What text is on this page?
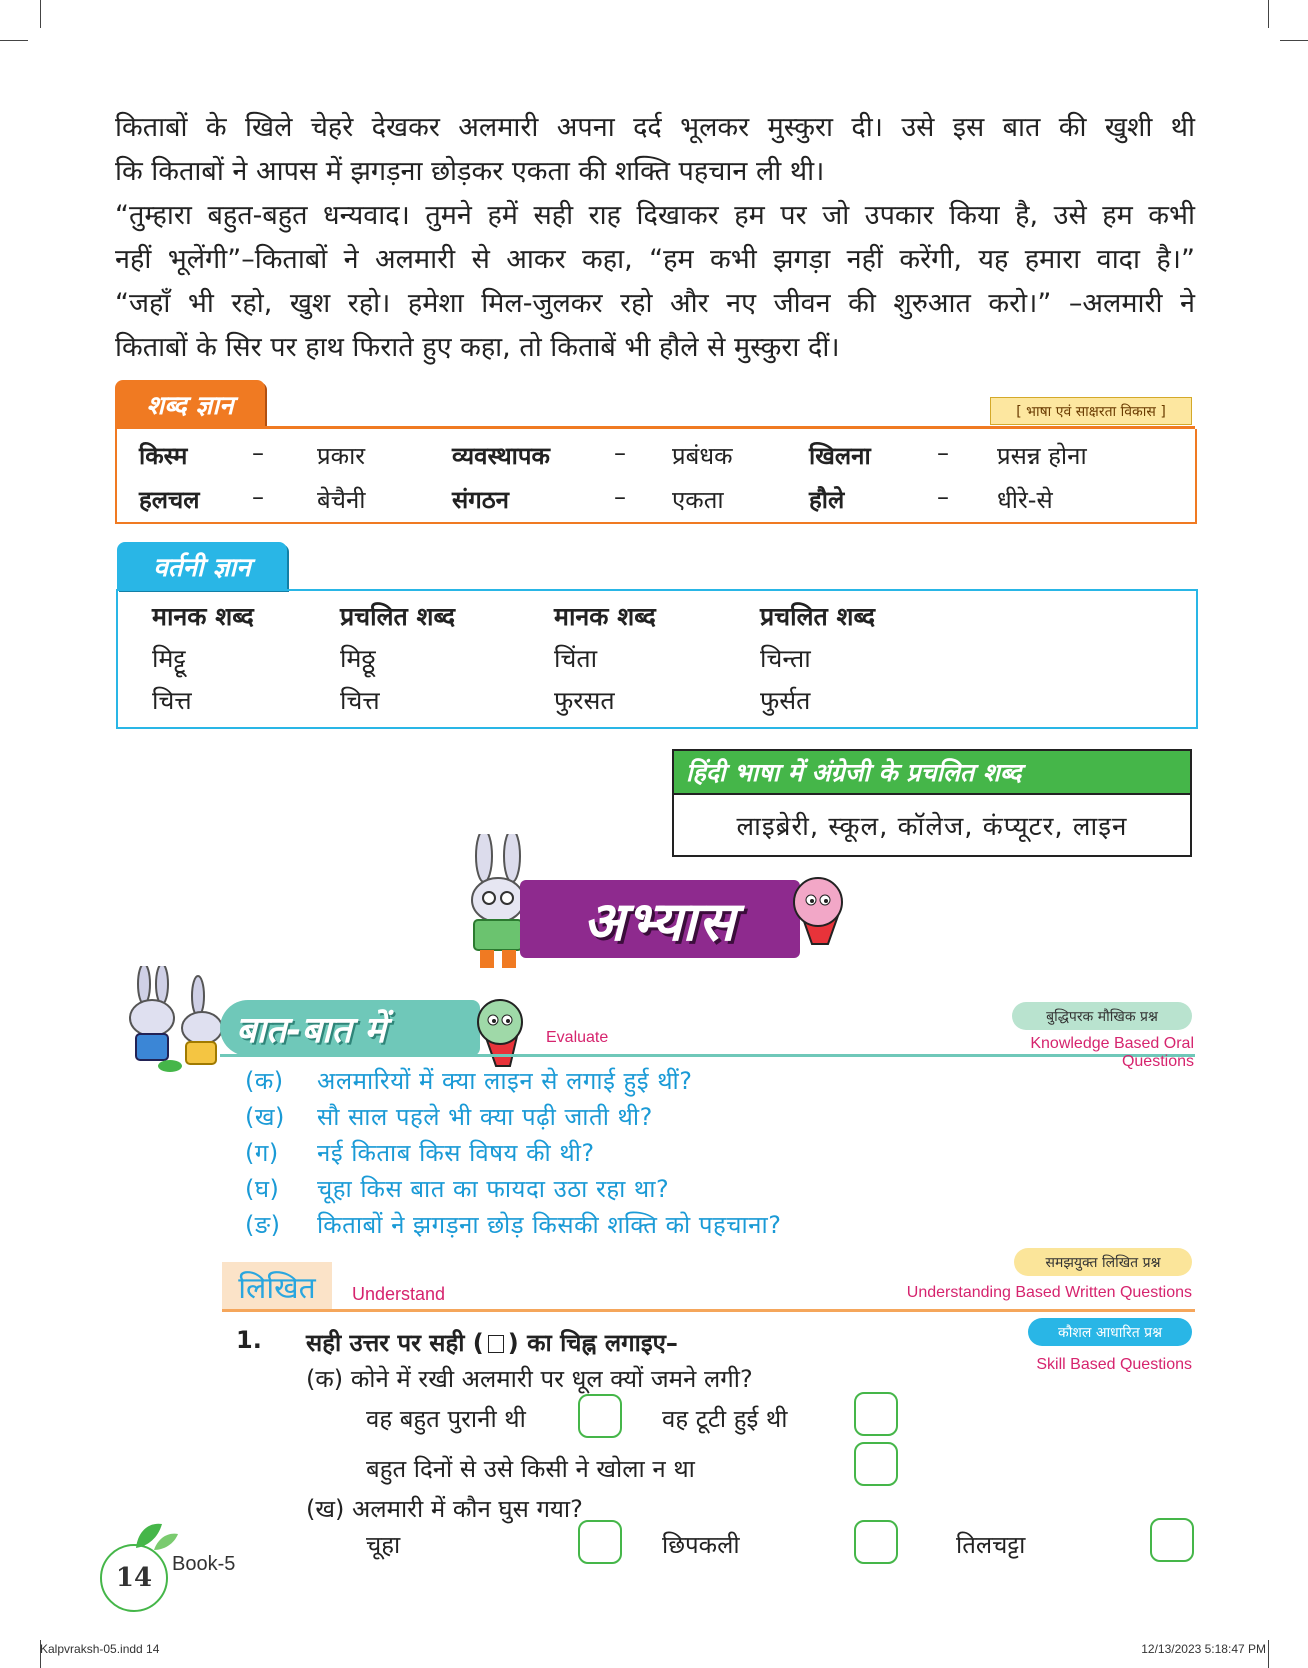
किताबों के खिले चेहरे देखकर अलमारी अपना दर्द भूलकर मुस्कुरा दी। उसे इस बात की खुशी थी

कि किताबों ने आपस में झगड़ना छोड़कर एकता की शक्ति पहचान ली थी।

“तुम्हारा बहुत-बहुत धन्यवाद। तुमने हमें सही राह दिखाकर हम पर जो उपकार किया है, उसे हम कभी

नहीं भूलेंगी”–किताबों ने अलमारी से आकर कहा, “हम कभी झगड़ा नहीं करेंगी, यह हमारा वादा है।”

“जहाँ भी रहो, खुश रहो। हमेशा मिल-जुलकर रहो और नए जीवन की शुरुआत करो।” –अलमारी ने

किताबों के सिर पर हाथ फिराते हुए कहा, तो किताबें भी हौले से मुस्कुरा दीं।

शब्द ज्ञान	[ भाषा एवं साक्षरता विकास ]
किस्म	– प्रकार	व्यवस्थापक	– प्रबंधक	खिलना	– प्रसन्न होना
हलचल – बेचैनी	संगठन	– एकता	हौले	– धीरे-से
वर्तनी ज्ञान
मानक शब्द	प्रचलित शब्द	मानक शब्द	प्रचलित शब्द
मिट्टू	मिठ्ठू	चिंता	चिन्ता
चित्त	चित्त	फुरसत	फुर्सत
हिंदी भाषा में अंग्रेजी के प्रचलित शब्द
लाइब्रेरी, स्कूल, कॉलेज, कंप्यूटर, लाइन
अभ्यास
बात-बात में	Evaluate
बुद्धिपरक मौखिक प्रश्न
Knowledge Based Oral Questions
(क) अलमारियों में क्या लाइन से लगाई हुई थीं?
(ख) सौ साल पहले भी क्या पढ़ी जाती थी?
(ग) नई किताब किस विषय की थी?
(घ) चूहा किस बात का फायदा उठा रहा था?
(ङ) किताबों ने झगड़ना छोड़ किसकी शक्ति को पहचाना?
लिखित	Understand
समझयुक्त लिखित प्रश्न
Understanding Based Written Questions
कौशल आधारित प्रश्न
Skill Based Questions
1. सही उत्तर पर सही ( ) का चिह्न लगाइए–
(क) कोने में रखी अलमारी पर धूल क्यों जमने लगी?
वह बहुत पुरानी थी	वह टूटी हुई थी
बहुत दिनों से उसे किसी ने खोला न था
(ख) अलमारी में कौन घुस गया?
चूहा	छिपकली	तिलचट्टा
14 Book-5
Kalpvraksh-05.indd 14	12/13/2023 5:18:47 PM
